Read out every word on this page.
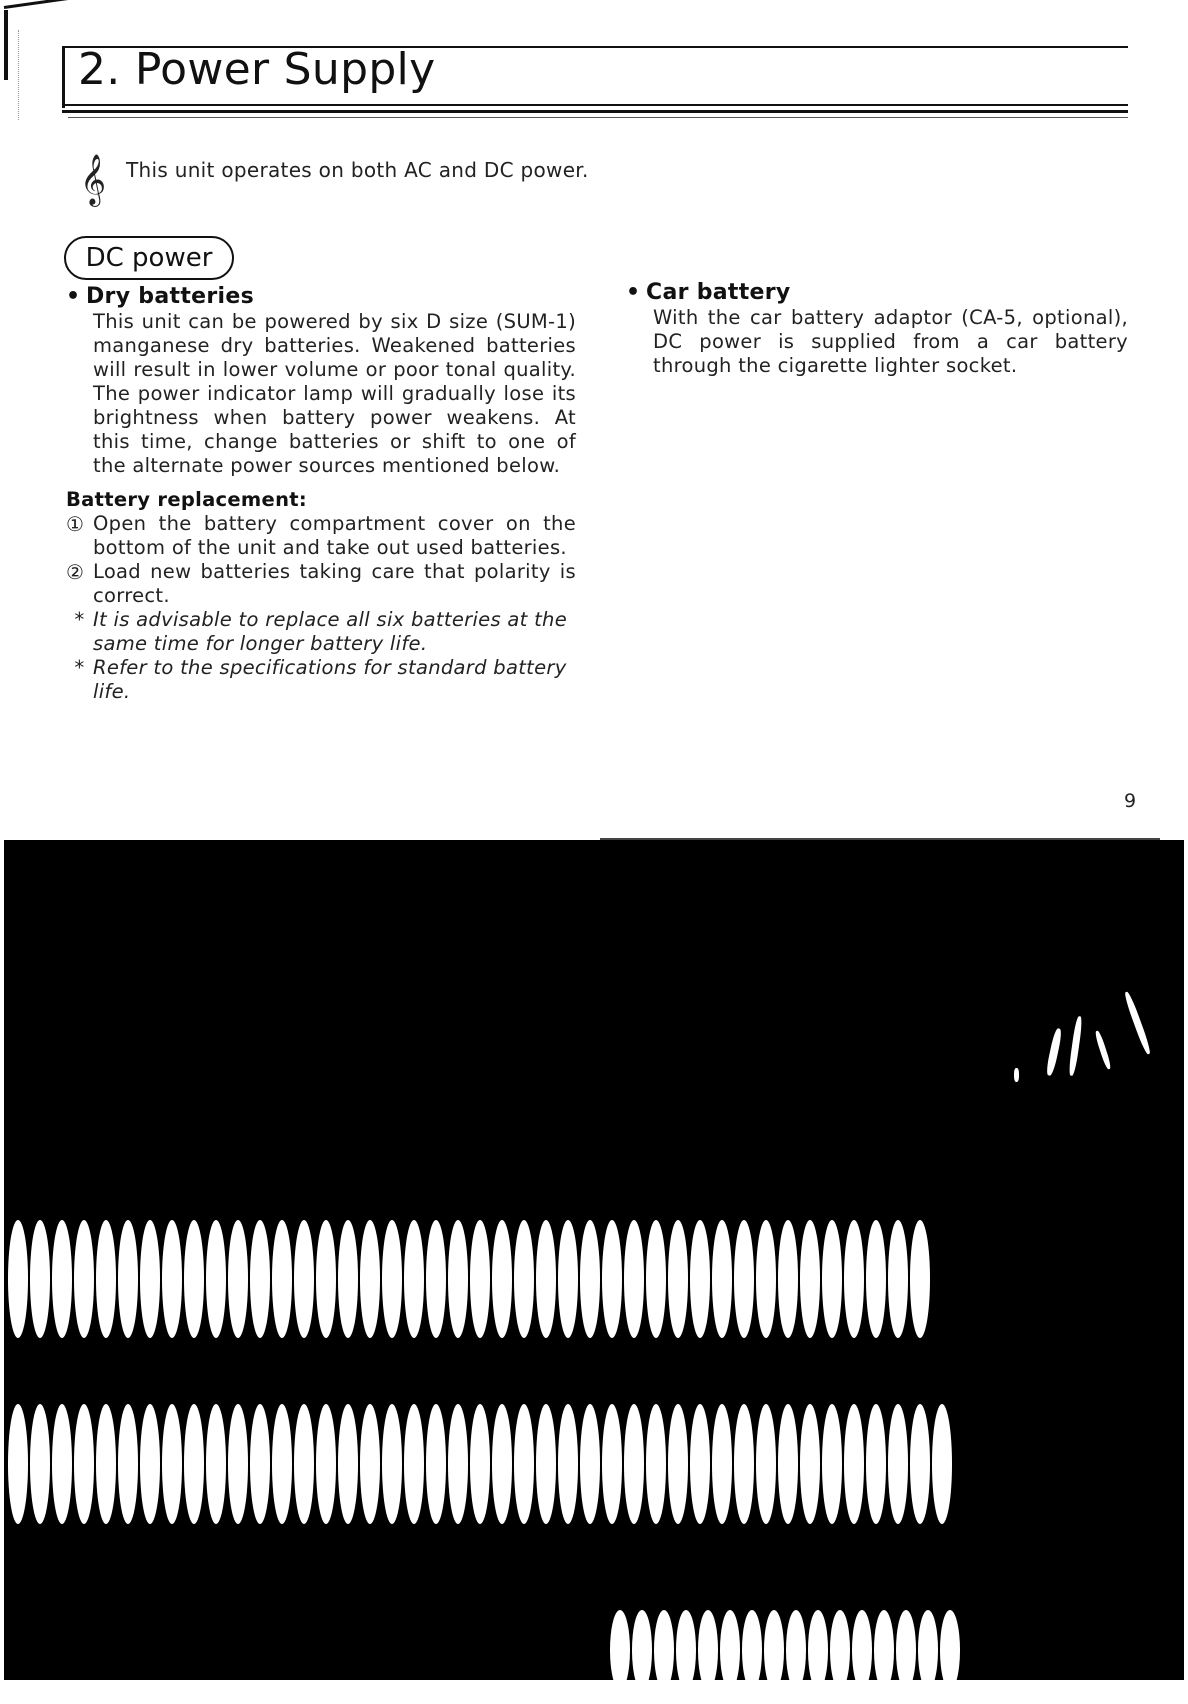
2. Power Supply
𝄞 This unit operates on both AC and DC power.

DC power
• Dry batteries

This unit can be powered by six D size (SUM-1) manganese dry batteries. Weakened batteries will result in lower volume or poor tonal quality. The power indicator lamp will gradually lose its brightness when battery power weakens. At this time, change batteries or shift to one of the alternate power sources mentioned below.

Battery replacement:
① Open the battery compartment cover on the bottom of the unit and take out used batteries.
② Load new batteries taking care that polarity is correct.
* It is advisable to replace all six batteries at the same time for longer battery life.
* Refer to the specifications for standard battery life.
• Car battery

With the car battery adaptor (CA-5, optional), DC power is supplied from a car battery through the cigarette lighter socket.

9
